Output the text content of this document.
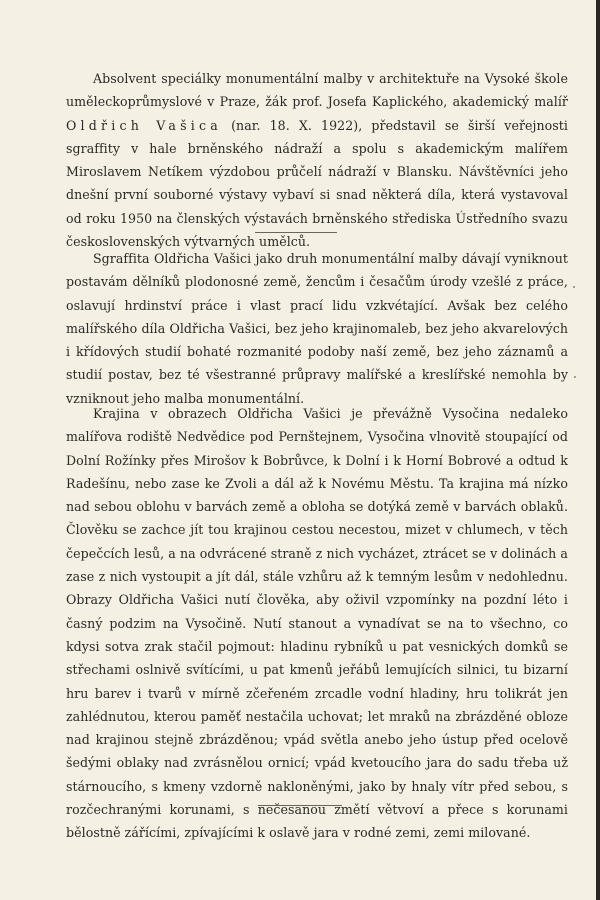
Absolvent speciálky monumentální malby v architektuře na Vysoké škole uměleckoprůmyslové v Praze, žák prof. Josefa Kaplického, akademický malíř Oldřich Vašica (nar. 18. X. 1922), představil se širší veřejnosti sgraffity v hale brněnského nádraží a spolu s akademickým malířem Miroslavem Netíkem výzdobou průčelí nádraží v Blansku. Návštěvníci jeho dnešní první souborné výstavy vybaví si snad některá díla, která vystavoval od roku 1950 na členských výstavách brněnského střediska Ústředního svazu československých výtvarných umělců.

Sgraffita Oldřicha Vašici jako druh monumentální malby dávají vyniknout postavám dělníků plodonosné země, žencům i česačům úrody vzešlé z práce, oslavují hrdinství práce i vlast prací lidu vzkvétající. Avšak bez celého malířského díla Oldřicha Vašici, bez jeho krajinomaleb, bez jeho akvarelových i křídových studií bohaté rozmanité podoby naší země, bez jeho záznamů a studií postav, bez té všestranné průpravy malířské a kreslířské nemohla by vzniknout jeho malba monumentální.

Krajina v obrazech Oldřicha Vašici je převážně Vysočina nedaleko malířova rodiště Nedvědice pod Pernštejnem, Vysočina vlnovitě stoupající od Dolní Rožínky přes Mirošov k Bobrůvce, k Dolní i k Horní Bobrové a odtud k Radešínu, nebo zase ke Zvoli a dál až k Novému Městu. Ta krajina má nízko nad sebou oblohu v barvách země a obloha se dotýká země v barvách oblaků. Člověku se zachce jít tou krajinou cestou necestou, mizet v chlumech, v těch čepečcích lesů, a na odvrácené straně z nich vycházet, ztrácet se v dolinách a zase z nich vystoupit a jít dál, stále vzhůru až k temným lesům v nedohlednu. Obrazy Oldřicha Vašici nutí člověka, aby oživil vzpomínky na pozdní léto i časný podzim na Vysočině. Nutí stanout a vynadívat se na to všechno, co kdysi sotva zrak stačil pojmout: hladinu rybníků u pat vesnických domků se střechami oslnivě svítícími, u pat kmenů jeřábů lemujících silnici, tu bizarní hru barev i tvarů v mírně zčeřeném zrcadle vodní hladiny, hru tolikrát jen zahlédnutou, kterou paměť nestačila uchovat; let mraků na zbrázděné obloze nad krajinou stejně zbrázděnou; vpád světla anebo jeho ústup před ocelově šedými oblaky nad zvrásnělou ornicí; vpád kvetoucího jara do sadu třeba už stárnoucího, s kmeny vzdorně nakloněnými, jako by hnaly vítr před sebou, s rozčechranými korunami, s nečesanou změtí větvoví a přece s korunami bělostně zářícími, zpívajícími k oslavě jara v rodné zemi, zemi milované.
